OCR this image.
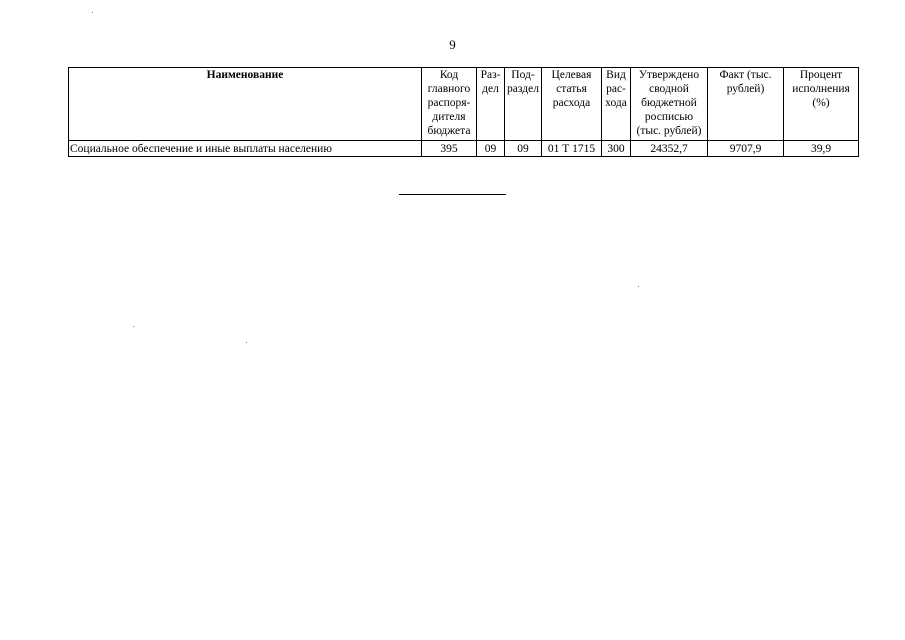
9
Наименование	Код главного распоря-дителя бюджета	Раз-дел	Под-раздел	Целевая статья расхода	Вид рас-хода	Утверждено сводной бюджетной росписью (тыс. рублей)	Факт (тыс. рублей)	Процент исполнения (%)
Социальное обеспечение и иные выплаты населению	395	09	09	01 Т 1715	300	24352,7	9707,9	39,9
